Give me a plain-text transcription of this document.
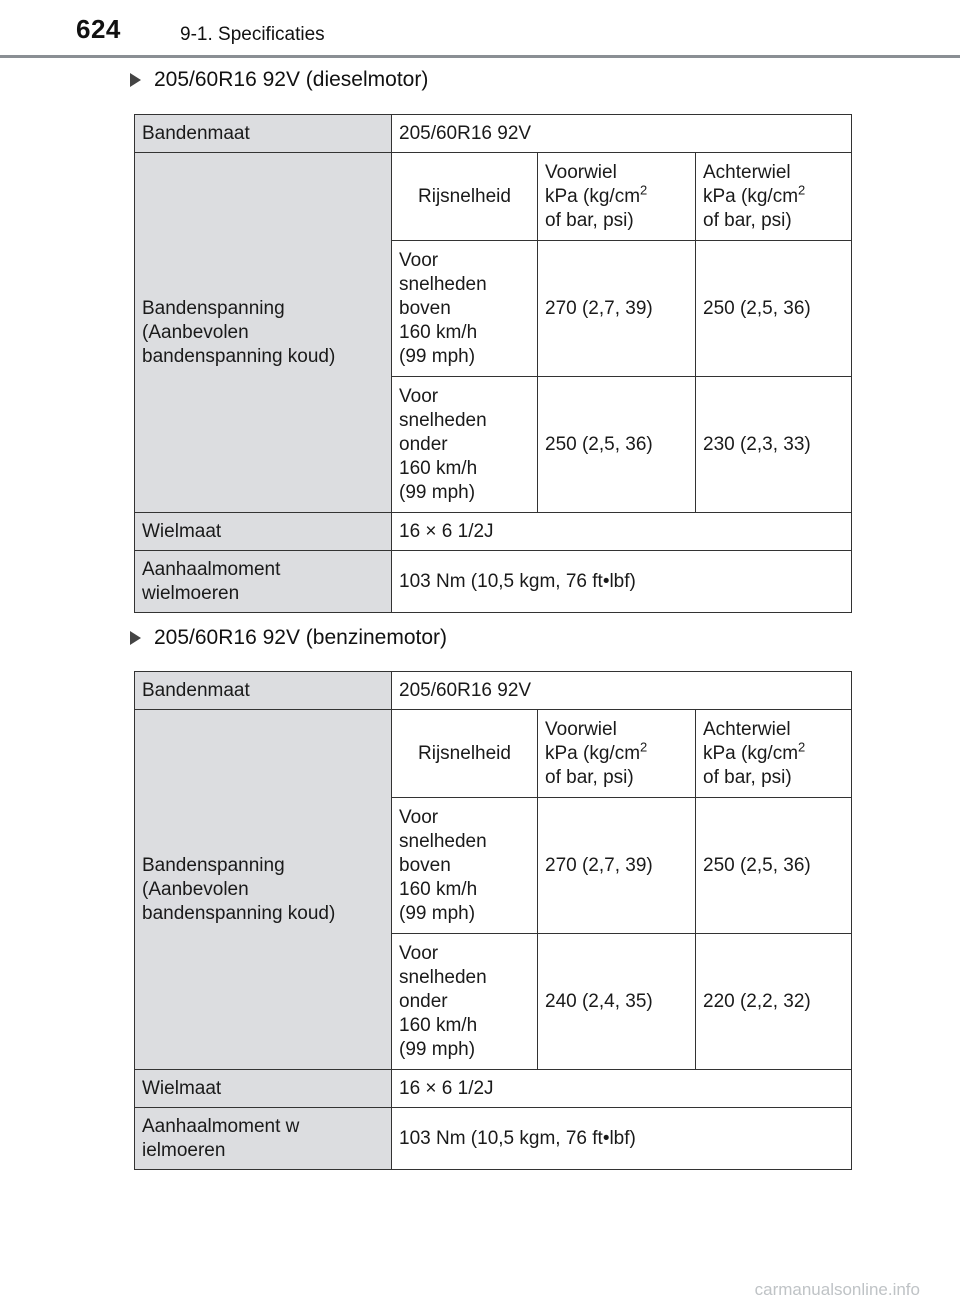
624	9-1. Specificaties
205/60R16 92V (dieselmotor)
Bandenmaat	205/60R16 92V		
Bandenspanning (Aanbevolen bandenspanning koud)	Rijsnelheid	Voorwiel
kPa ($kg/cm^2$
of bar, psi)	Achterwiel
kPa ($kg/cm^2$
of bar, psi)

	Voor
snelheden
boven
160 km/h
(99 mph)	270 (2,7, 39)	250 (2,5, 36)

	Voor
snelheden
onder
160 km/h
(99 mph)	250 (2,5, 36)	230 (2,3, 33)
Wielmaat	16 × 6 1/2J		

Aanhaalmoment
wielmoeren	103 Nm (10,5 kgm, 76 ft•lbf)		
205/60R16 92V (benzinemotor)
Bandenmaat	205/60R16 92V		
Bandenspanning (Aanbevolen bandenspanning koud)	Rijsnelheid	Voorwiel
kPa ($kg/cm^2$
of bar, psi)	Achterwiel
kPa ($kg/cm^2$
of bar, psi)

	Voor
snelheden
boven
160 km/h
(99 mph)	270 (2,7, 39)	250 (2,5, 36)

	Voor
snelheden
onder
160 km/h
(99 mph)	240 (2,4, 35)	220 (2,2, 32)
Wielmaat	16 × 6 1/2J		

Aanhaalmoment w
ielmoeren	103 Nm (10,5 kgm, 76 ft•lbf)		
carmanualsonline.info
